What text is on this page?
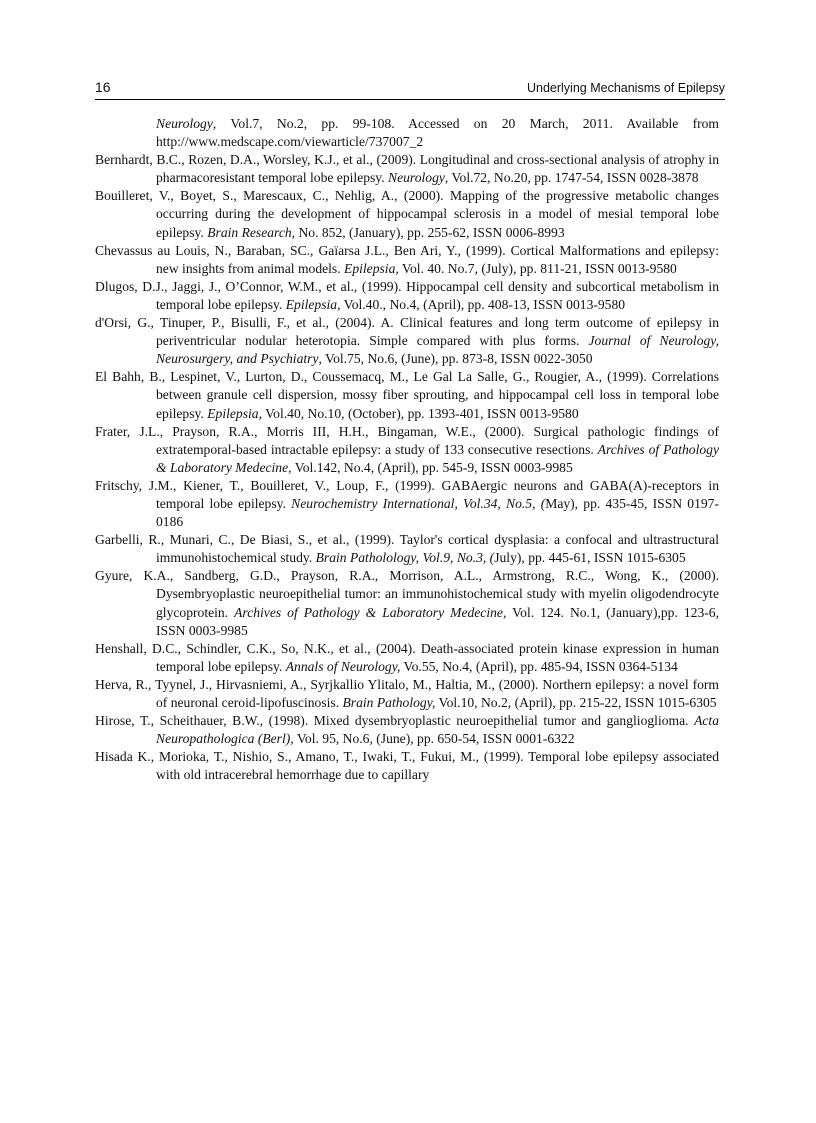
16	Underlying Mechanisms of Epilepsy
Neurology, Vol.7, No.2, pp. 99-108. Accessed on 20 March, 2011. Available from http://www.medscape.com/viewarticle/737007_2
Bernhardt, B.C., Rozen, D.A., Worsley, K.J., et al., (2009). Longitudinal and cross-sectional analysis of atrophy in pharmacoresistant temporal lobe epilepsy. Neurology, Vol.72, No.20, pp. 1747-54, ISSN 0028-3878
Bouilleret, V., Boyet, S., Marescaux, C., Nehlig, A., (2000). Mapping of the progressive metabolic changes occurring during the development of hippocampal sclerosis in a model of mesial temporal lobe epilepsy. Brain Research, No. 852, (January), pp. 255-62, ISSN 0006-8993
Chevassus au Louis, N., Baraban, SC., Gaïarsa J.L., Ben Ari, Y., (1999). Cortical Malformations and epilepsy: new insights from animal models. Epilepsia, Vol. 40. No.7, (July), pp. 811-21, ISSN 0013-9580
Dlugos, D.J., Jaggi, J., O’Connor, W.M., et al., (1999). Hippocampal cell density and subcortical metabolism in temporal lobe epilepsy. Epilepsia, Vol.40., No.4, (April), pp. 408-13, ISSN 0013-9580
d'Orsi, G., Tinuper, P., Bisulli, F., et al., (2004). A. Clinical features and long term outcome of epilepsy in periventricular nodular heterotopia. Simple compared with plus forms. Journal of Neurology, Neurosurgery, and Psychiatry, Vol.75, No.6, (June), pp. 873-8, ISSN 0022-3050
El Bahh, B., Lespinet, V., Lurton, D., Coussemacq, M., Le Gal La Salle, G., Rougier, A., (1999). Correlations between granule cell dispersion, mossy fiber sprouting, and hippocampal cell loss in temporal lobe epilepsy. Epilepsia, Vol.40, No.10, (October), pp. 1393-401, ISSN 0013-9580
Frater, J.L., Prayson, R.A., Morris III, H.H., Bingaman, W.E., (2000). Surgical pathologic findings of extratemporal-based intractable epilepsy: a study of 133 consecutive resections. Archives of Pathology & Laboratory Medecine, Vol.142, No.4, (April), pp. 545-9, ISSN 0003-9985
Fritschy, J.M., Kiener, T., Bouilleret, V., Loup, F., (1999). GABAergic neurons and GABA(A)-receptors in temporal lobe epilepsy. Neurochemistry International, Vol.34, No.5, (May), pp. 435-45, ISSN 0197-0186
Garbelli, R., Munari, C., De Biasi, S., et al., (1999). Taylor's cortical dysplasia: a confocal and ultrastructural immunohistochemical study. Brain Patholology, Vol.9, No.3, (July), pp. 445-61, ISSN 1015-6305
Gyure, K.A., Sandberg, G.D., Prayson, R.A., Morrison, A.L., Armstrong, R.C., Wong, K., (2000). Dysembryoplastic neuroepithelial tumor: an immunohistochemical study with myelin oligodendrocyte glycoprotein. Archives of Pathology & Laboratory Medecine, Vol. 124. No.1, (January),pp. 123-6, ISSN 0003-9985
Henshall, D.C., Schindler, C.K., So, N.K., et al., (2004). Death-associated protein kinase expression in human temporal lobe epilepsy. Annals of Neurology, Vo.55, No.4, (April), pp. 485-94, ISSN 0364-5134
Herva, R., Tyynel, J., Hirvasniemi, A., Syrjkallio Ylitalo, M., Haltia, M., (2000). Northern epilepsy: a novel form of neuronal ceroid-lipofuscinosis. Brain Pathology, Vol.10, No.2, (April), pp. 215-22, ISSN 1015-6305
Hirose, T., Scheithauer, B.W., (1998). Mixed dysembryoplastic neuroepithelial tumor and ganglioglioma. Acta Neuropathologica (Berl), Vol. 95, No.6, (June), pp. 650-54, ISSN 0001-6322
Hisada K., Morioka, T., Nishio, S., Amano, T., Iwaki, T., Fukui, M., (1999). Temporal lobe epilepsy associated with old intracerebral hemorrhage due to capillary
